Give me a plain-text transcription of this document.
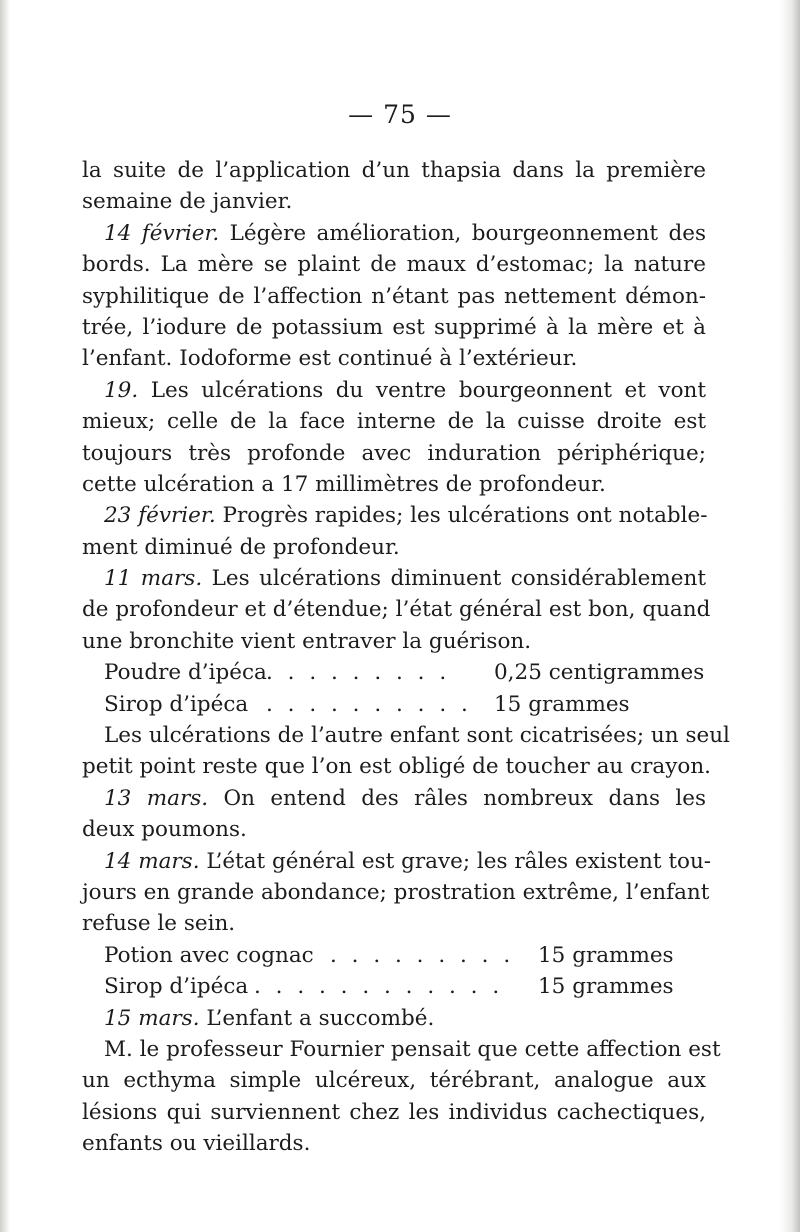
— 75 —
la suite de l’application d’un thapsia dans la première
semaine de janvier.
14 février. Légère amélioration, bourgeonnement des
bords. La mère se plaint de maux d’estomac; la nature
syphilitique de l’affection n’étant pas nettement démon-
trée, l’iodure de potassium est supprimé à la mère et à
l’enfant. Iodoforme est continué à l’extérieur.
19. Les ulcérations du ventre bourgeonnent et vont
mieux; celle de la face interne de la cuisse droite est
toujours très profonde avec induration périphérique;
cette ulcération a 17 millimètres de profondeur.
23 février. Progrès rapides; les ulcérations ont notable-
ment diminué de profondeur.
11 mars. Les ulcérations diminuent considérablement
de profondeur et d’étendue; l’état général est bon, quand
une bronchite vient entraver la guérison.
Poudre d’ipéca . . . . . . . . .	0,25 centigrammes
Sirop d’ipéca . . . . . . . . . .	15 grammes
Les ulcérations de l’autre enfant sont cicatrisées; un seul
petit point reste que l’on est obligé de toucher au crayon.
13 mars. On entend des râles nombreux dans les
deux poumons.
14 mars. L’état général est grave; les râles existent tou-
jours en grande abondance; prostration extrême, l’enfant
refuse le sein.
Potion avec cognac . . . . . . . . .	15 grammes
Sirop d’ipéca . . . . . . . . . . . .	15 grammes
15 mars. L’enfant a succombé.
M. le professeur Fournier pensait que cette affection est
un ecthyma simple ulcéreux, térébrant, analogue aux
lésions qui surviennent chez les individus cachectiques,
enfants ou vieillards.
